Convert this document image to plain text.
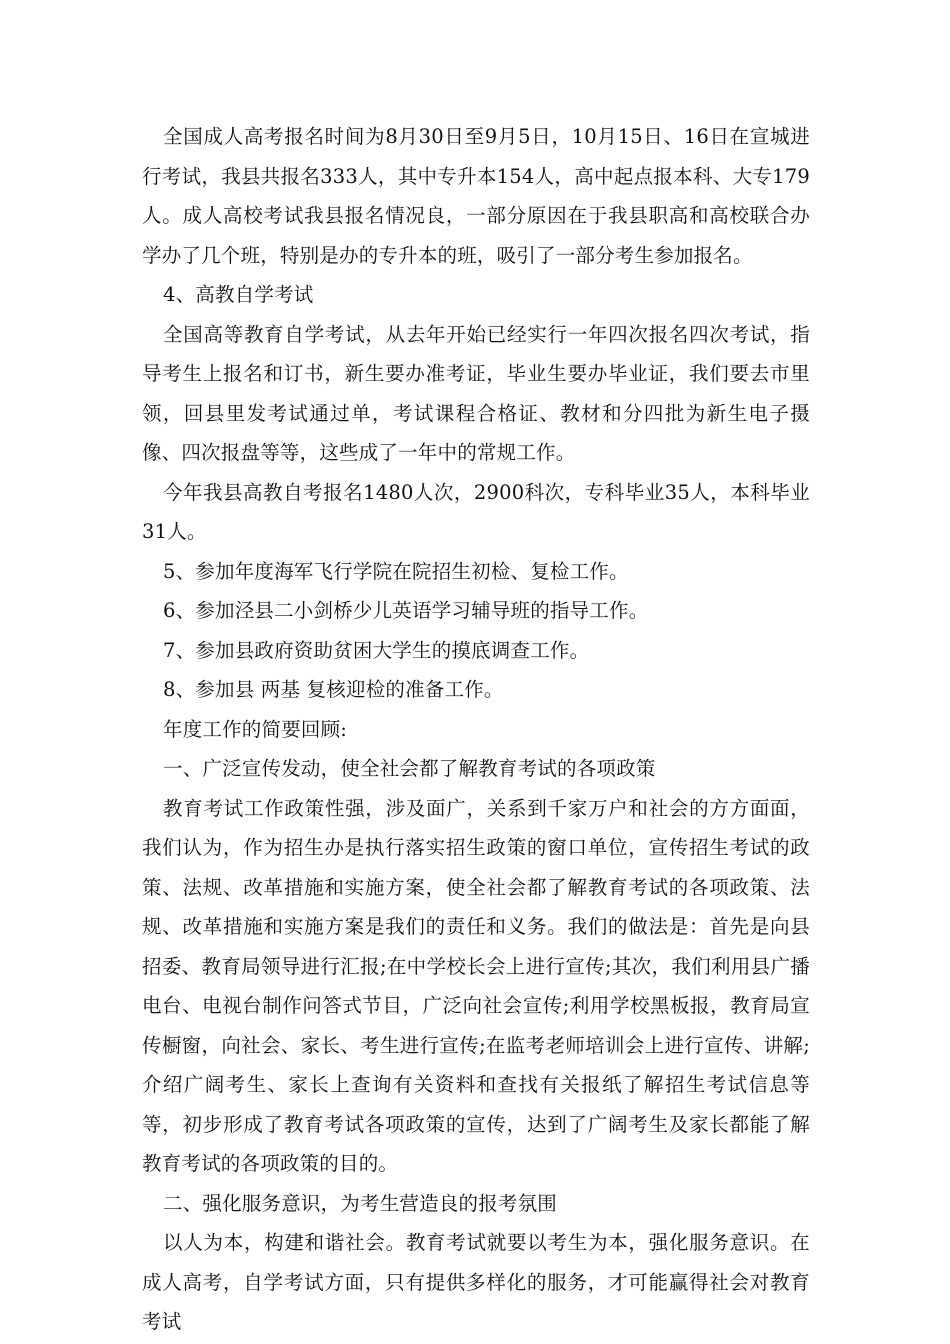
全国成人高考报名时间为8月30日至9月5日，10月15日、16日在宣城进行考试，我县共报名333人，其中专升本154人，高中起点报本科、大专179人。成人高校考试我县报名情况良，一部分原因在于我县职高和高校联合办学办了几个班，特别是办的专升本的班，吸引了一部分考生参加报名。

4、高教自学考试

全国高等教育自学考试，从去年开始已经实行一年四次报名四次考试，指导考生上报名和订书，新生要办准考证，毕业生要办毕业证，我们要去市里领，回县里发考试通过单，考试课程合格证、教材和分四批为新生电子摄像、四次报盘等等，这些成了一年中的常规工作。

今年我县高教自考报名1480人次，2900科次，专科毕业35人，本科毕业31人。

5、参加年度海军飞行学院在院招生初检、复检工作。

6、参加泾县二小剑桥少儿英语学习辅导班的指导工作。

7、参加县政府资助贫困大学生的摸底调查工作。

8、参加县 两基 复核迎检的准备工作。

年度工作的简要回顾:

一、广泛宣传发动，使全社会都了解教育考试的各项政策

教育考试工作政策性强，涉及面广，关系到千家万户和社会的方方面面，我们认为，作为招生办是执行落实招生政策的窗口单位，宣传招生考试的政策、法规、改革措施和实施方案，使全社会都了解教育考试的各项政策、法规、改革措施和实施方案是我们的责任和义务。我们的做法是：首先是向县招委、教育局领导进行汇报;在中学校长会上进行宣传;其次，我们利用县广播电台、电视台制作问答式节目，广泛向社会宣传;利用学校黑板报，教育局宣传橱窗，向社会、家长、考生进行宣传;在监考老师培训会上进行宣传、讲解;介绍广阔考生、家长上查询有关资料和查找有关报纸了解招生考试信息等等，初步形成了教育考试各项政策的宣传，达到了广阔考生及家长都能了解教育考试的各项政策的目的。

二、强化服务意识，为考生营造良的报考氛围

以人为本，构建和谐社会。教育考试就要以考生为本，强化服务意识。在成人高考，自学考试方面，只有提供多样化的服务，才可能赢得社会对教育考试
